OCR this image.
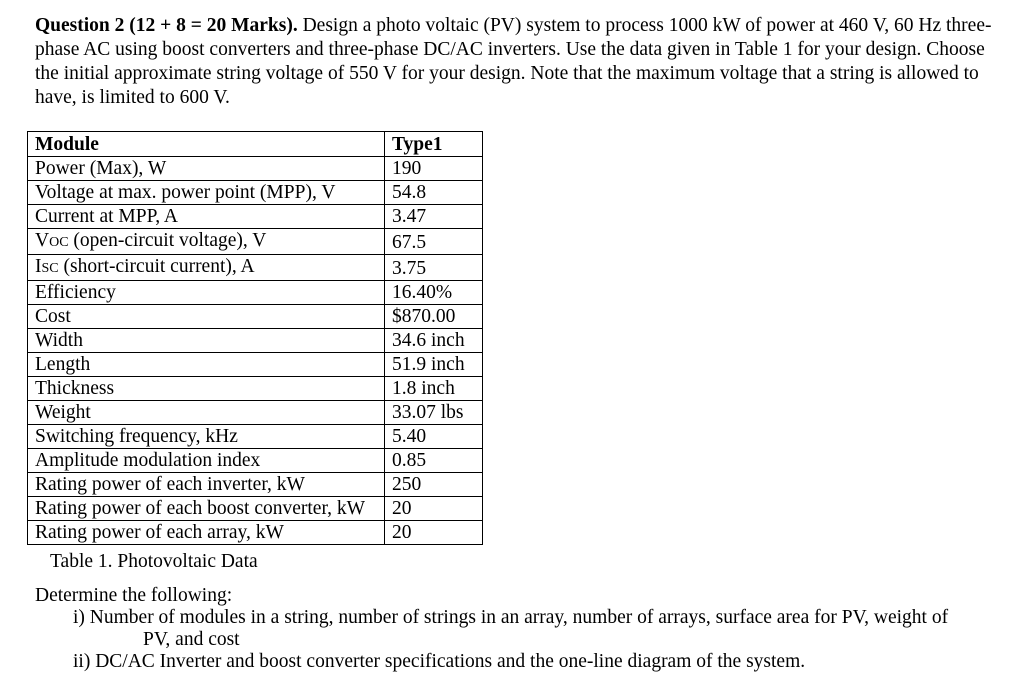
Question 2 (12 + 8 = 20 Marks). Design a photo voltaic (PV) system to process 1000 kW of power at 460 V, 60 Hz three-phase AC using boost converters and three-phase DC/AC inverters. Use the data given in Table 1 for your design. Choose the initial approximate string voltage of 550 V for your design. Note that the maximum voltage that a string is allowed to have, is limited to 600 V.
Module	Type1
Power (Max), W	190
Voltage at max. power point (MPP), V	54.8
Current at MPP, A	3.47
VOC (open-circuit voltage), V	67.5
ISC (short-circuit current), A	3.75
Efficiency	16.40%
Cost	$870.00
Width	34.6 inch
Length	51.9 inch
Thickness	1.8 inch
Weight	33.07 lbs
Switching frequency, kHz	5.40
Amplitude modulation index	0.85
Rating power of each inverter, kW	250
Rating power of each boost converter, kW	20
Rating power of each array, kW	20
Table 1. Photovoltaic Data
Determine the following:
i) Number of modules in a string, number of strings in an array, number of arrays, surface area for PV, weight of
PV, and cost
ii) DC/AC Inverter and boost converter specifications and the one-line diagram of the system.
